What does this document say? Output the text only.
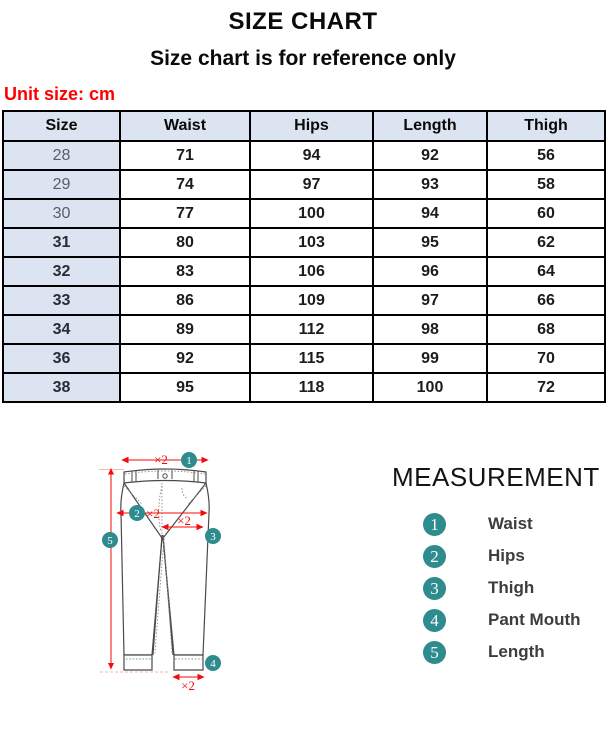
SIZE CHART
Size chart is for reference only
Unit size: cm
Size	Waist	Hips	Length	Thigh
28	71	94	92	56
29	74	97	93	58
30	77	100	94	60
31	80	103	95	62
32	83	106	96	64
33	86	109	97	66
34	89	112	98	68
36	92	115	99	70
38	95	118	100	72
×2
×2 ×2
×2
1
2
3
4
5
MEASUREMENT
1	Waist
2	Hips
3	Thigh
4	Pant Mouth
5	Length
